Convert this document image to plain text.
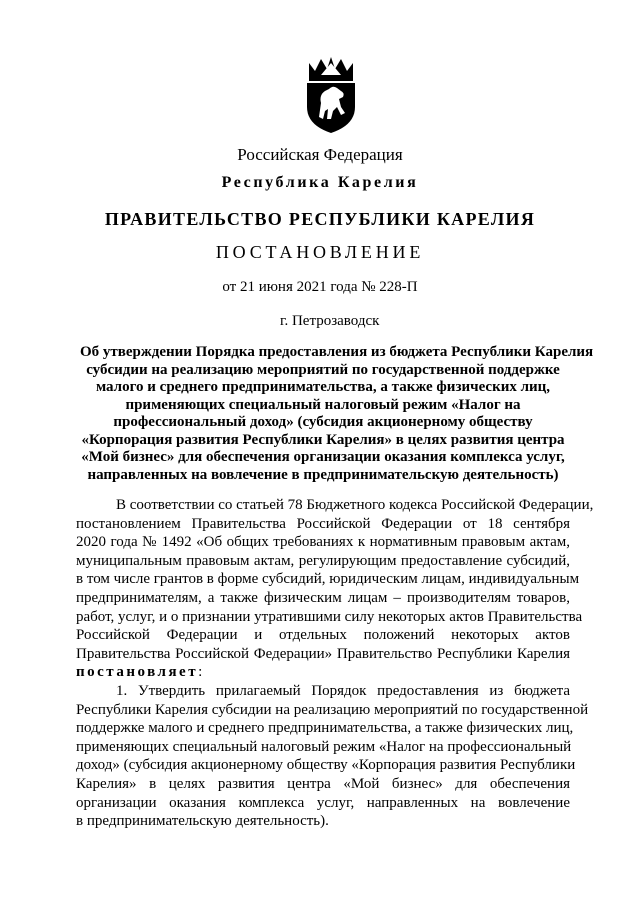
Российская Федерация
Республика Карелия
ПРАВИТЕЛЬСТВО РЕСПУБЛИКИ КАРЕЛИЯ
ПОСТАНОВЛЕНИЕ
от 21 июня 2021 года № 228-П
г. Петрозаводск
Об утверждении Порядка предоставления из бюджета Республики Карелия
субсидии на реализацию мероприятий по государственной поддержке
малого и среднего предпринимательства, а также физических лиц,
применяющих специальный налоговый режим «Налог на
профессиональный доход» (субсидия акционерному обществу
«Корпорация развития Республики Карелия» в целях развития центра
«Мой бизнес» для обеспечения организации оказания комплекса услуг,
направленных на вовлечение в предпринимательскую деятельность)
В соответствии со статьей 78 Бюджетного кодекса Российской Федерации,
постановлением Правительства Российской Федерации от 18 сентября
2020 года № 1492 «Об общих требованиях к нормативным правовым актам,
муниципальным правовым актам, регулирующим предоставление субсидий,
в том числе грантов в форме субсидий, юридическим лицам, индивидуальным
предпринимателям, а также физическим лицам – производителям товаров,
работ, услуг, и о признании утратившими силу некоторых актов Правительства
Российской Федерации и отдельных положений некоторых актов
Правительства Российской Федерации» Правительство Республики Карелия
постановляет:
1. Утвердить прилагаемый Порядок предоставления из бюджета
Республики Карелия субсидии на реализацию мероприятий по государственной
поддержке малого и среднего предпринимательства, а также физических лиц,
применяющих специальный налоговый режим «Налог на профессиональный
доход» (субсидия акционерному обществу «Корпорация развития Республики
Карелия» в целях развития центра «Мой бизнес» для обеспечения
организации оказания комплекса услуг, направленных на вовлечение
в предпринимательскую деятельность).
